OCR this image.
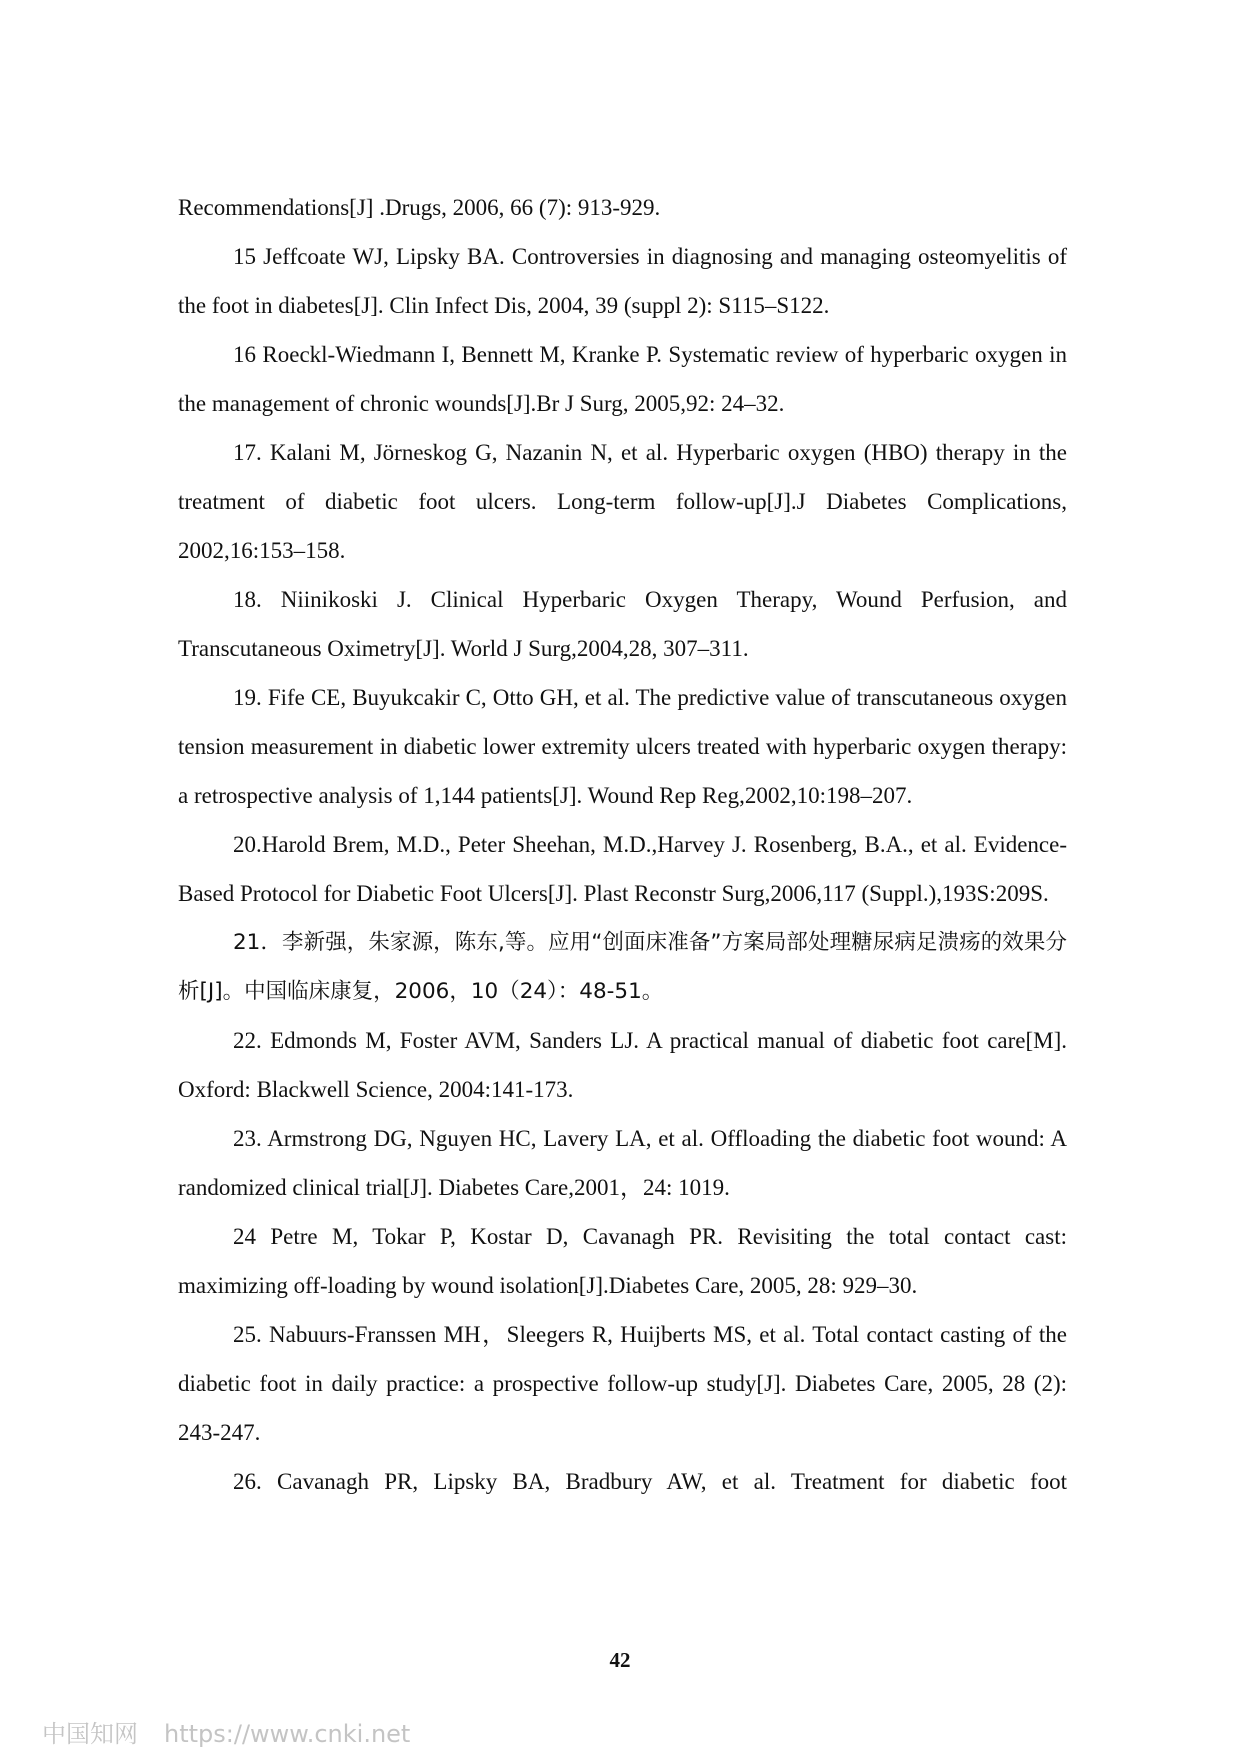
Recommendations[J] .Drugs, 2006, 66 (7): 913-929.

15 Jeffcoate WJ, Lipsky BA. Controversies in diagnosing and managing osteomyelitis of the foot in diabetes[J]. Clin Infect Dis, 2004, 39 (suppl 2): S115–S122.

16 Roeckl-Wiedmann I, Bennett M, Kranke P. Systematic review of hyperbaric oxygen in the management of chronic wounds[J].Br J Surg, 2005,92: 24–32.

17. Kalani M, Jörneskog G, Nazanin N, et al. Hyperbaric oxygen (HBO) therapy in the treatment of diabetic foot ulcers. Long-term follow-up[J].J Diabetes Complications, 2002,16:153–158.

18. Niinikoski J. Clinical Hyperbaric Oxygen Therapy, Wound Perfusion, and Transcutaneous Oximetry[J]. World J Surg,2004,28, 307–311.

19. Fife CE, Buyukcakir C, Otto GH, et al. The predictive value of transcutaneous oxygen tension measurement in diabetic lower extremity ulcers treated with hyperbaric oxygen therapy: a retrospective analysis of 1,144 patients[J]. Wound Rep Reg,2002,10:198–207.

20.Harold Brem, M.D., Peter Sheehan, M.D.,Harvey J. Rosenberg, B.A., et al. Evidence-Based Protocol for Diabetic Foot Ulcers[J]. Plast Reconstr Surg,2006,117 (Suppl.),193S:209S.

21．李新强，朱家源，陈东,等。应用“创面床准备”方案局部处理糖尿病足溃疡的效果分析[J]。中国临床康复，2006，10（24）：48-51。

22. Edmonds M, Foster AVM, Sanders LJ. A practical manual of diabetic foot care[M]. Oxford: Blackwell Science, 2004:141-173.

23. Armstrong DG, Nguyen HC, Lavery LA, et al. Offloading the diabetic foot wound: A randomized clinical trial[J]. Diabetes Care,2001，24: 1019.

24 Petre M, Tokar P, Kostar D, Cavanagh PR. Revisiting the total contact cast: maximizing off-loading by wound isolation[J].Diabetes Care, 2005, 28: 929–30.

25. Nabuurs-Franssen MH，Sleegers R, Huijberts MS, et al. Total contact casting of the diabetic foot in daily practice: a prospective follow-up study[J]. Diabetes Care, 2005, 28 (2): 243-247.

26. Cavanagh PR, Lipsky BA, Bradbury AW, et al. Treatment for diabetic foot

42
中国知网 https://www.cnki.net
